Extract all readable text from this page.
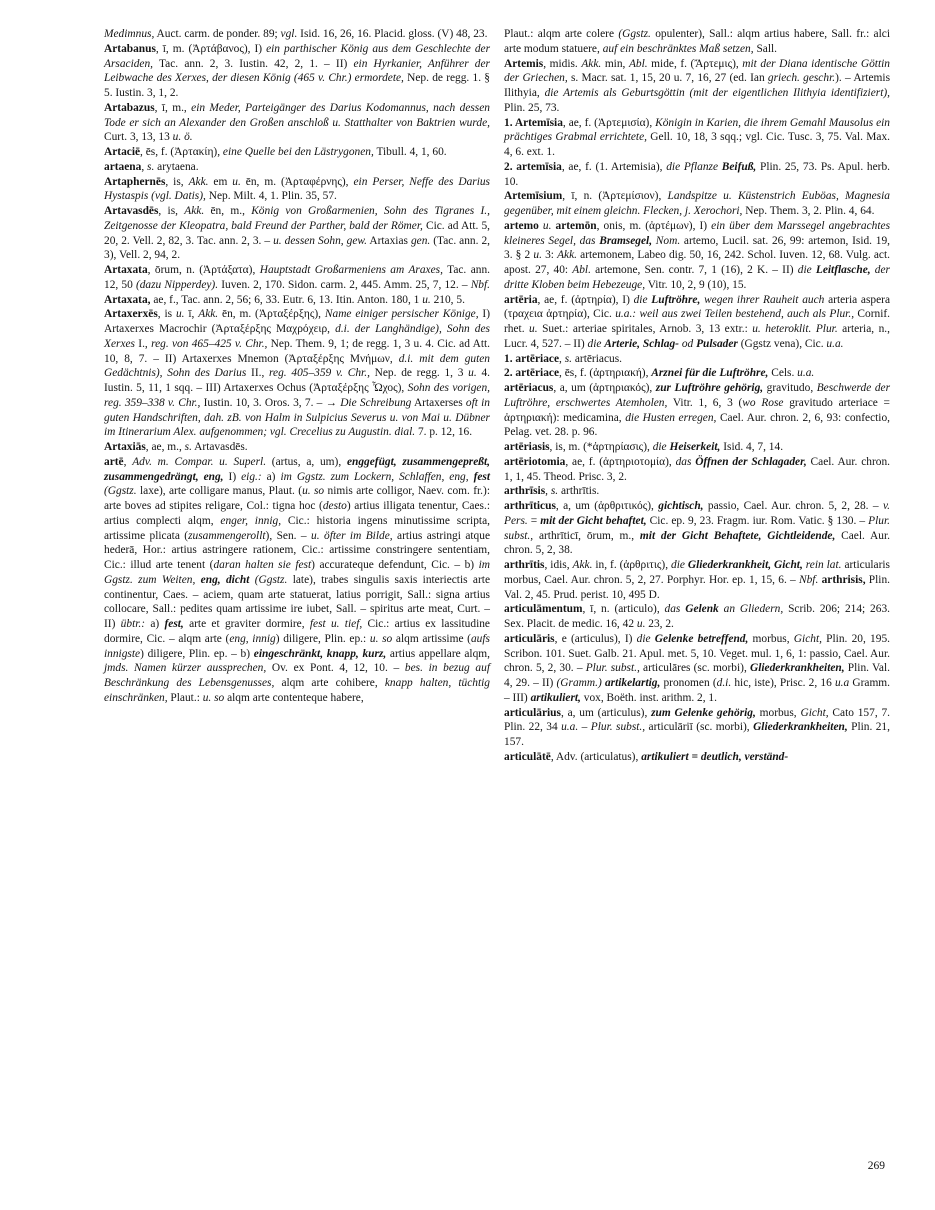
Medimnus, Auct. carm. de ponder. 89; vgl. Isid. 16, 26, 16. Placid. gloss. (V) 48, 23.

Artabanus, ī, m. (Ἀρτάβανος), I) ein parthischer König aus dem Geschlechte der Arsaciden, Tac. ann. 2, 3. Iustin. 42, 2, 1. – II) ein Hyrkanier, Anführer der Leibwache des Xerxes, der diesen König (465 v. Chr.) ermordete, Nep. de regg. 1. § 5. Iustin. 3, 1, 2.

Artabazus, ī, m., ein Meder, Parteigänger des Darius Kodomannus, nach dessen Tode er sich an Alexander den Großen anschloß u. Statthalter von Baktrien wurde, Curt. 3, 13, 13 u. ö.

Artaciē, ēs, f. (Ἀρτακίη), eine Quelle bei den Lästrygonen, Tibull. 4, 1, 60.

artaena, s. arytaena.

Artaphernēs, is, Akk. em u. ēn, m. (Ἀρταφέρνης), ein Perser, Neffe des Darius Hystaspis (vgl. Datis), Nep. Milt. 4, 1. Plin. 35, 57.

Artavasdēs, is, Akk. ēn, m., König von Großarmenien, Sohn des Tigranes I., Zeitgenosse der Kleopatra, bald Freund der Parther, bald der Römer, Cic. ad Att. 5, 20, 2. Vell. 2, 82, 3. Tac. ann. 2, 3. – u. dessen Sohn, gew. Artaxias gen. (Tac. ann. 2, 3), Vell. 2, 94, 2.

Artaxata, ōrum, n. (Ἀρτάξατα), Hauptstadt Großarmeniens am Araxes, Tac. ann. 12, 50 (dazu Nipperdey). Iuven. 2, 170. Sidon. carm. 2, 445. Amm. 25, 7, 12. – Nbf. Artaxata, ae, f., Tac. ann. 2, 56; 6, 33. Eutr. 6, 13. Itin. Anton. 180, 1 u. 210, 5.

Artaxerxēs, is u. ī, Akk. ēn, m. (Ἀρταξέρξης), Name einiger persischer Könige, I) Artaxerxes Macrochir (Ἀρταξέρξης Μαχρόχειρ, d.i. der Langhändige), Sohn des Xerxes I., reg. von 465–425 v. Chr., Nep. Them. 9, 1; de regg. 1, 3 u. 4. Cic. ad Att. 10, 8, 7. – II) Artaxerxes Mnemon (Ἀρταξέρξης Μνήμων, d.i. mit dem guten Gedächtnis), Sohn des Darius II., reg. 405–359 v. Chr., Nep. de regg. 1, 3 u. 4. Iustin. 5, 11, 1 sqq. – III) Artaxerxes Ochus (Ἀρταξέρξης Ὦχος), Sohn des vorigen, reg. 359–338 v. Chr., Iustin. 10, 3. Oros. 3, 7. – → Die Schreibung Artaxerses oft in guten Handschriften, dah. zB. von Halm in Sulpicius Severus u. von Mai u. Dübner im Itinerarium Alex. aufgenommen; vgl. Crecelius zu Augustin. dial. 7. p. 12, 16.

Artaxiās, ae, m., s. Artavasdēs.

artē, Adv. m. Compar. u. Superl. (artus, a, um), enggefügt, zusammengepreßt, zusammengedrängt, eng, I) eig.: a) im Ggstz. zum Lockern, Schlaffen, eng, fest (Ggstz. laxe), arte colligare manus, Plaut. (u. so nimis arte colligor, Naev. com. fr.): arte boves ad stipites religare, Col.: tigna hoc (desto) artius illigata tenentur, Caes.: artius complecti alqm, enger, innig, Cic.: historia ingens minutissime scripta, artissime plicata (zusammengerollt), Sen. – u. öfter im Bilde, artius astringi atque hederā, Hor.: artius astringere rationem, Cic.: artissime constringere sententiam, Cic.: illud arte tenent (daran halten sie fest) accurateque defendunt, Cic. – b) im Ggstz. zum Weiten, eng, dicht (Ggstz. late), trabes singulis saxis interiectis arte continentur, Caes. – aciem, quam arte statuerat, latius porrigit, Sall.: signa artius collocare, Sall.: pedites quam artissime ire iubet, Sall. – spiritus arte meat, Curt. – II) übtr.: a) fest, arte et graviter dormire, fest u. tief, Cic.: artius ex lassitudine dormire, Cic. – alqm arte (eng, innig) diligere, Plin. ep.: u. so alqm artissime (aufs innigste) diligere, Plin. ep. – b) eingeschränkt, knapp, kurz, artius appellare alqm, jmds. Namen kürzer aussprechen, Ov. ex Pont. 4, 12, 10. – bes. in bezug auf Beschränkung des Lebensgenusses, alqm arte cohibere, knapp halten, tüchtig einschränken, Plaut.: u. so alqm arte contenteque habere,

Plaut.: alqm arte colere (Ggstz. opulenter), Sall.: alqm artius habere, Sall. fr.: alci arte modum statuere, auf ein beschränktes Maß setzen, Sall.

Artemis, midis. Akk. min, Abl. mide, f. (Ἄρτεμις), mit der Diana identische Göttin der Griechen, s. Macr. sat. 1, 15, 20 u. 7, 16, 27 (ed. Ian griech. geschr.). – Artemis Ilithyia, die Artemis als Geburtsgöttin (mit der eigentlichen Ilithyia identifiziert), Plin. 25, 73.

1. Artemīsia, ae, f. (Ἀρτεμισία), Königin in Karien, die ihrem Gemahl Mausolus ein prächtiges Grabmal errichtete, Gell. 10, 18, 3 sqq.; vgl. Cic. Tusc. 3, 75. Val. Max. 4, 6. ext. 1.

2. artemīsia, ae, f. (1. Artemisia), die Pflanze Beifuß, Plin. 25, 73. Ps. Apul. herb. 10.

Artemīsium, ī, n. (Ἀρτεμίσιον), Landspitze u. Küstenstrich Euböas, Magnesia gegenüber, mit einem gleichn. Flecken, j. Xerochori, Nep. Them. 3, 2. Plin. 4, 64.

artemo u. artemōn, onis, m. (ἀρτέμων), I) ein über dem Marssegel angebrachtes kleineres Segel, das Bramsegel, Nom. artemo, Lucil. sat. 26, 99: artemon, Isid. 19, 3. § 2 u. 3: Akk. artemonem, Labeo dig. 50, 16, 242. Schol. Iuven. 12, 68. Vulg. act. apost. 27, 40: Abl. artemone, Sen. contr. 7, 1 (16), 2 K. – II) die Leitflasche, der dritte Kloben beim Hebezeuge, Vitr. 10, 2, 9 (10), 15.

artēria, ae, f. (ἀρτηρία), I) die Luftröhre, wegen ihrer Rauheit auch arteria aspera (τραχεια ἀρτηρία), Cic. u.a.: weil aus zwei Teilen bestehend, auch als Plur., Cornif. rhet. u. Suet.: arteriae spiritales, Arnob. 3, 13 extr.: u. heteroklit. Plur. arteria, n., Lucr. 4, 527. – II) die Arterie, Schlag- od Pulsader (Ggstz vena), Cic. u.a.

1. artēriace, s. artēriacus.

2. artēriace, ēs, f. (ἀρτηριακή), Arznei für die Luftröhre, Cels. u.a.

artēriacus, a, um (ἀρτηριακός), zur Luftröhre gehörig, gravitudo, Beschwerde der Luftröhre, erschwertes Atemholen, Vitr. 1, 6, 3 (wo Rose gravitudo arteriace = ἀρτηριακή): medicamina, die Husten erregen, Cael. Aur. chron. 2, 6, 93: confectio, Pelag. vet. 28. p. 96.

artēriasis, is, m. (*ἀρτηρίασις), die Heiserkeit, Isid. 4, 7, 14.

artēriotomia, ae, f. (ἀρτηριοτομία), das Öffnen der Schlagader, Cael. Aur. chron. 1, 1, 45. Theod. Prisc. 3, 2.

arthrīsis, s. arthrītis.

arthrīticus, a, um (ἀρθριτικός), gichtisch, passio, Cael. Aur. chron. 5, 2, 28. – v. Pers. = mit der Gicht behaftet, Cic. ep. 9, 23. Fragm. iur. Rom. Vatic. § 130. – Plur. subst., arthrīticī, ōrum, m., mit der Gicht Behaftete, Gichtleidende, Cael. Aur. chron. 5, 2, 38.

arthrītis, idis, Akk. in, f. (ἀρθριτις), die Gliederkrankheit, Gicht, rein lat. articularis morbus, Cael. Aur. chron. 5, 2, 27. Porphyr. Hor. ep. 1, 15, 6. – Nbf. arthrisis, Plin. Val. 2, 45. Prud. perist. 10, 495 D.

articulāmentum, ī, n. (articulo), das Gelenk an Gliedern, Scrib. 206; 214; 263. Sex. Placit. de medic. 16, 42 u. 23, 2.

articulāris, e (articulus), I) die Gelenke betreffend, morbus, Gicht, Plin. 20, 195. Scribon. 101. Suet. Galb. 21. Apul. met. 5, 10. Veget. mul. 1, 6, 1: passio, Cael. Aur. chron. 5, 2, 30. – Plur. subst., articulāres (sc. morbi), Gliederkrankheiten, Plin. Val. 4, 29. – II) (Gramm.) artikelartig, pronomen (d.i. hic, iste), Prisc. 2, 16 u.a Gramm. – III) artikuliert, vox, Boëth. inst. arithm. 2, 1.

articulārius, a, um (articulus), zum Gelenke gehörig, morbus, Gicht, Cato 157, 7. Plin. 22, 34 u.a. – Plur. subst., articulāriī (sc. morbi), Gliederkrankheiten, Plin. 21, 157.

articulātē, Adv. (articulatus), artikuliert = deutlich, verständ-

269
